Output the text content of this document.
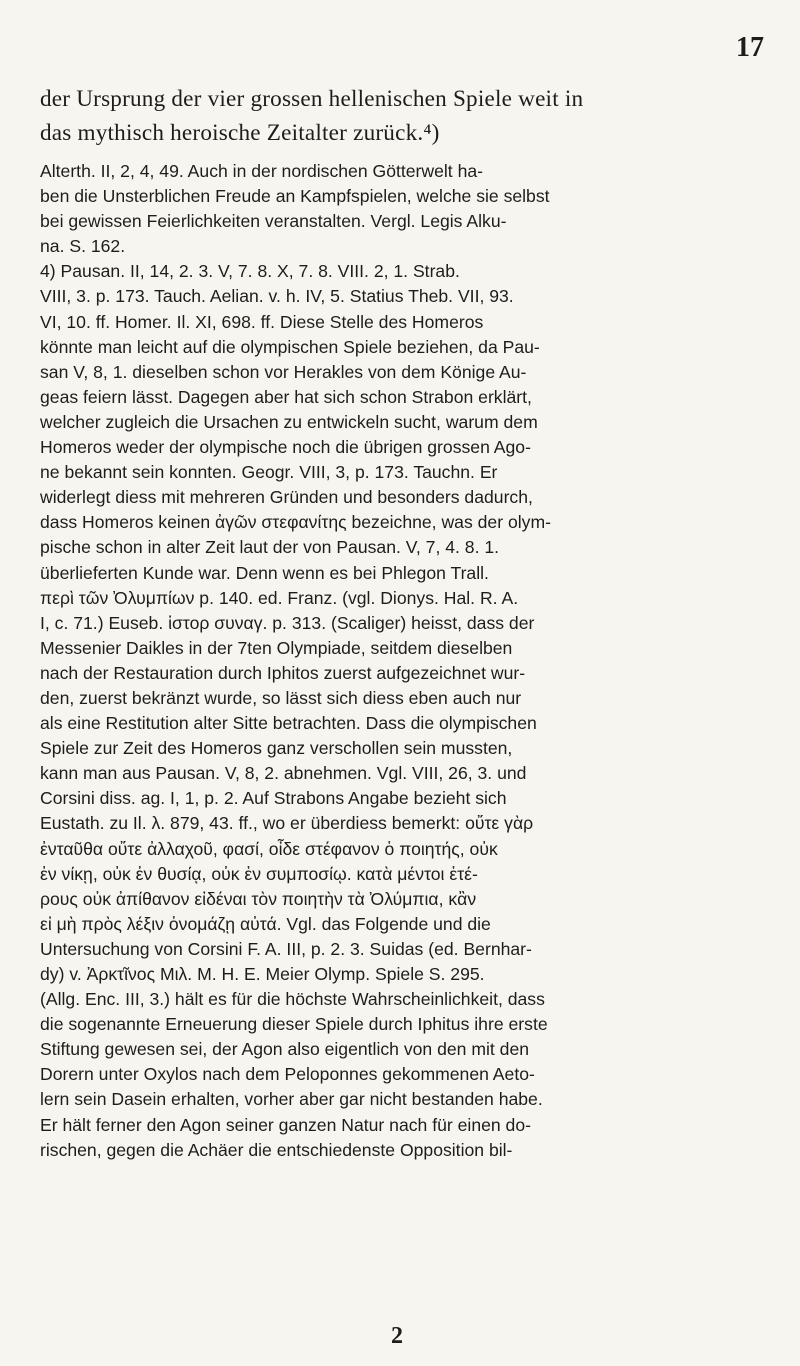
17
der Ursprung der vier grossen hellenischen Spiele weit in
das mythisch heroische Zeitalter zurück.⁴)
Alterth. II, 2, 4, 49. Auch in der nordischen Götterwelt ha-
ben die Unsterblichen Freude an Kampfspielen, welche sie selbst
bei gewissen Feierlichkeiten veranstalten. Vergl. Legis Alku-
na. S. 162.
4) Pausan. II, 14, 2. 3. V, 7. 8. X, 7. 8. VIII. 2, 1. Strab.
VIII, 3. p. 173. Tauch. Aelian. v. h. IV, 5. Statius Theb. VII, 93.
VI, 10. ff. Homer. Il. XI, 698. ff. Diese Stelle des Homeros
könnte man leicht auf die olympischen Spiele beziehen, da Pau-
san V, 8, 1. dieselben schon vor Herakles von dem Könige Au-
geas feiern lässt. Dagegen aber hat sich schon Strabon erklärt,
welcher zugleich die Ursachen zu entwickeln sucht, warum dem
Homeros weder der olympische noch die übrigen grossen Ago-
ne bekannt sein konnten. Geogr. VIII, 3, p. 173. Tauchn. Er
widerlegt diess mit mehreren Gründen und besonders dadurch,
dass Homeros keinen ἀγῶν στεφανίτης bezeichne, was der olym-
pische schon in alter Zeit laut der von Pausan. V, 7, 4. 8. 1.
überlieferten Kunde war. Denn wenn es bei Phlegon Trall.
περὶ τῶν Ὀλυμπίων p. 140. ed. Franz. (vgl. Dionys. Hal. R. A.
I, c. 71.) Euseb. ἱστορ συναγ. p. 313. (Scaliger) heisst, dass der
Messenier Daikles in der 7ten Olympiade, seitdem dieselben
nach der Restauration durch Iphitos zuerst aufgezeichnet wur-
den, zuerst bekränzt wurde, so lässt sich diess eben auch nur
als eine Restitution alter Sitte betrachten. Dass die olympischen
Spiele zur Zeit des Homeros ganz verschollen sein mussten,
kann man aus Pausan. V, 8, 2. abnehmen. Vgl. VIII, 26, 3. und
Corsini diss. ag. I, 1, p. 2. Auf Strabons Angabe bezieht sich
Eustath. zu Il. λ. 879, 43. ff., wo er überdiess bemerkt: οὔτε γὰρ
ἐνταῦθα οὔτε ἀλλαχοῦ, φασί, οἶδε στέφανον ὁ ποιητής, οὐκ
ἐν νίκῃ, οὐκ ἐν θυσίᾳ, οὐκ ἐν συμποσίῳ. κατὰ μέντοι ἑτέ-
ρους οὐκ ἀπίθανον εἰδέναι τὸν ποιητὴν τὰ Ὀλύμπια, κἂν
εἰ μὴ πρὸς λέξιν ὀνομάζῃ αὐτά. Vgl. das Folgende und die
Untersuchung von Corsini F. A. III, p. 2. 3. Suidas (ed. Bernhar-
dy) v. Ἀρκτῖνος Μιλ. M. H. E. Meier Olymp. Spiele S. 295.
(Allg. Enc. III, 3.) hält es für die höchste Wahrscheinlichkeit, dass
die sogenannte Erneuerung dieser Spiele durch Iphitus ihre erste
Stiftung gewesen sei, der Agon also eigentlich von den mit den
Dorern unter Oxylos nach dem Peloponnes gekommenen Aeto-
lern sein Dasein erhalten, vorher aber gar nicht bestanden habe.
Er hält ferner den Agon seiner ganzen Natur nach für einen do-
rischen, gegen die Achäer die entschiedenste Opposition bil-
2
